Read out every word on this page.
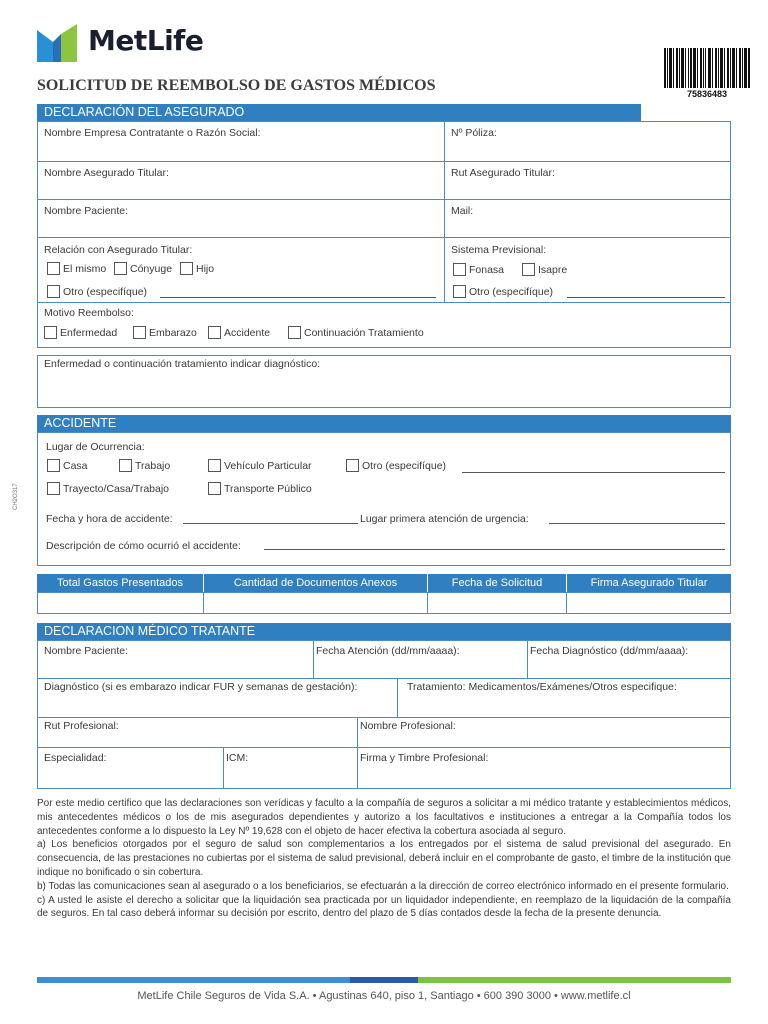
MetLife
SOLICITUD DE REEMBOLSO DE GASTOS MÉDICOS	75836483
CH2O317
DECLARACIÓN DEL ASEGURADO
Nombre Empresa Contratante o Razón Social:	Nº Póliza:
Nombre Asegurado Titular:	Rut Asegurado Titular:
Nombre Paciente:	Mail:
Relación con Asegurado Titular:
El mismo Cónyuge Hijo
Otro (especifíque)
Sistema Previsional:
Fonasa	Isapre
Otro (especifíque)
Motivo Reembolso:
Enfermedad	Embarazo	Accidente	Continuación Tratamiento
Enfermedad o continuación tratamiento indicar diagnóstico:
ACCIDENTE
Lugar de Ocurrencia:
Casa	Trabajo	Vehículo Particular	Otro (especifíque)
Trayecto/Casa/Trabajo	Transporte Público
Fecha y hora de accidente:	Lugar primera atención de urgencia:
Descripción de cómo ocurrió el accidente:
Total Gastos Presentados	Cantidad de Documentos Anexos	Fecha de Solicitud	Firma Asegurado Titular
DECLARACION MÉDICO TRATANTE
Nombre Paciente:	Fecha Atención (dd/mm/aaaa):	Fecha Diagnóstico (dd/mm/aaaa):
Diagnóstico (si es embarazo indicar FUR y semanas de gestación):	Tratamiento: Medicamentos/Exámenes/Otros especifique:
Rut Profesional:	Nombre Profesional:
Especialidad:	ICM:	Firma y Timbre Profesional:

Por este medio certifico que las declaraciones son verídicas y faculto a la compañía de seguros a solicitar a mi médico tratante y establecimientos médicos, mis antecedentes médicos o los de mis asegurados dependientes y autorizo a los facultativos e instituciones a entregar a la Compañía todos los antecedentes conforme a lo dispuesto la Ley Nº 19,628 con el objeto de hacer efectiva la cobertura asociada al seguro.

a) Los beneficios otorgados por el seguro de salud son complementarios a los entregados por el sistema de salud previsional del asegurado. En consecuencia, de las prestaciones no cubiertas por el sistema de salud previsional, deberá incluir en el comprobante de gasto, el timbre de la institución que indique no bonificado o sin cobertura.

b) Todas las comunicaciones sean al asegurado o a los beneficiarios, se efectuarán a la dirección de correo electrónico informado en el presente formulario.

c) A usted le asiste el derecho a solicitar que la liquidación sea practicada por un liquidador independiente, en reemplazo de la liquidación de la compañía de seguros. En tal caso deberá informar su decisión por escrito, dentro del plazo de 5 días contados desde la fecha de la presente denuncia.

MetLife Chile Seguros de Vida S.A. • Agustinas 640, piso 1, Santiago • 600 390 3000 • www.metlife.cl
